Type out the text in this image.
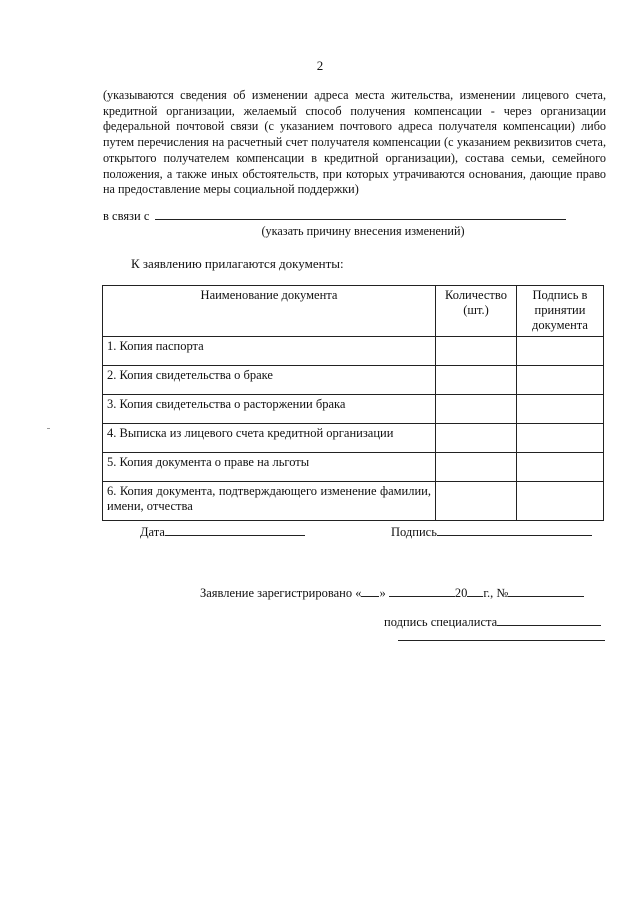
2
(указываются сведения об изменении адреса места жительства, изменении лицевого счета, кредитной организации, желаемый способ получения компенсации - через организации федеральной почтовой связи (с указанием почтового адреса получателя компенсации) либо путем перечисления на расчетный счет получателя компенсации (с указанием реквизитов счета, открытого получателем компенсации в кредитной организации), состава семьи, семейного положения, а также иных обстоятельств, при которых утрачиваются основания, дающие право на предоставление меры социальной поддержки)
в связи с
(указать причину внесения изменений)
К заявлению прилагаются документы:
Наименование документа	Количество (шт.)	Подпись в принятии документа
1. Копия паспорта		
2. Копия свидетельства о браке		
3. Копия свидетельства о расторжении брака		
4. Выписка из лицевого счета кредитной организации		
5. Копия документа о праве на льготы		
6. Копия документа, подтверждающего изменение фамилии, имени, отчества		
Дата	Подпись
Заявление зарегистрировано « »	20 г., №
подпись специалиста
